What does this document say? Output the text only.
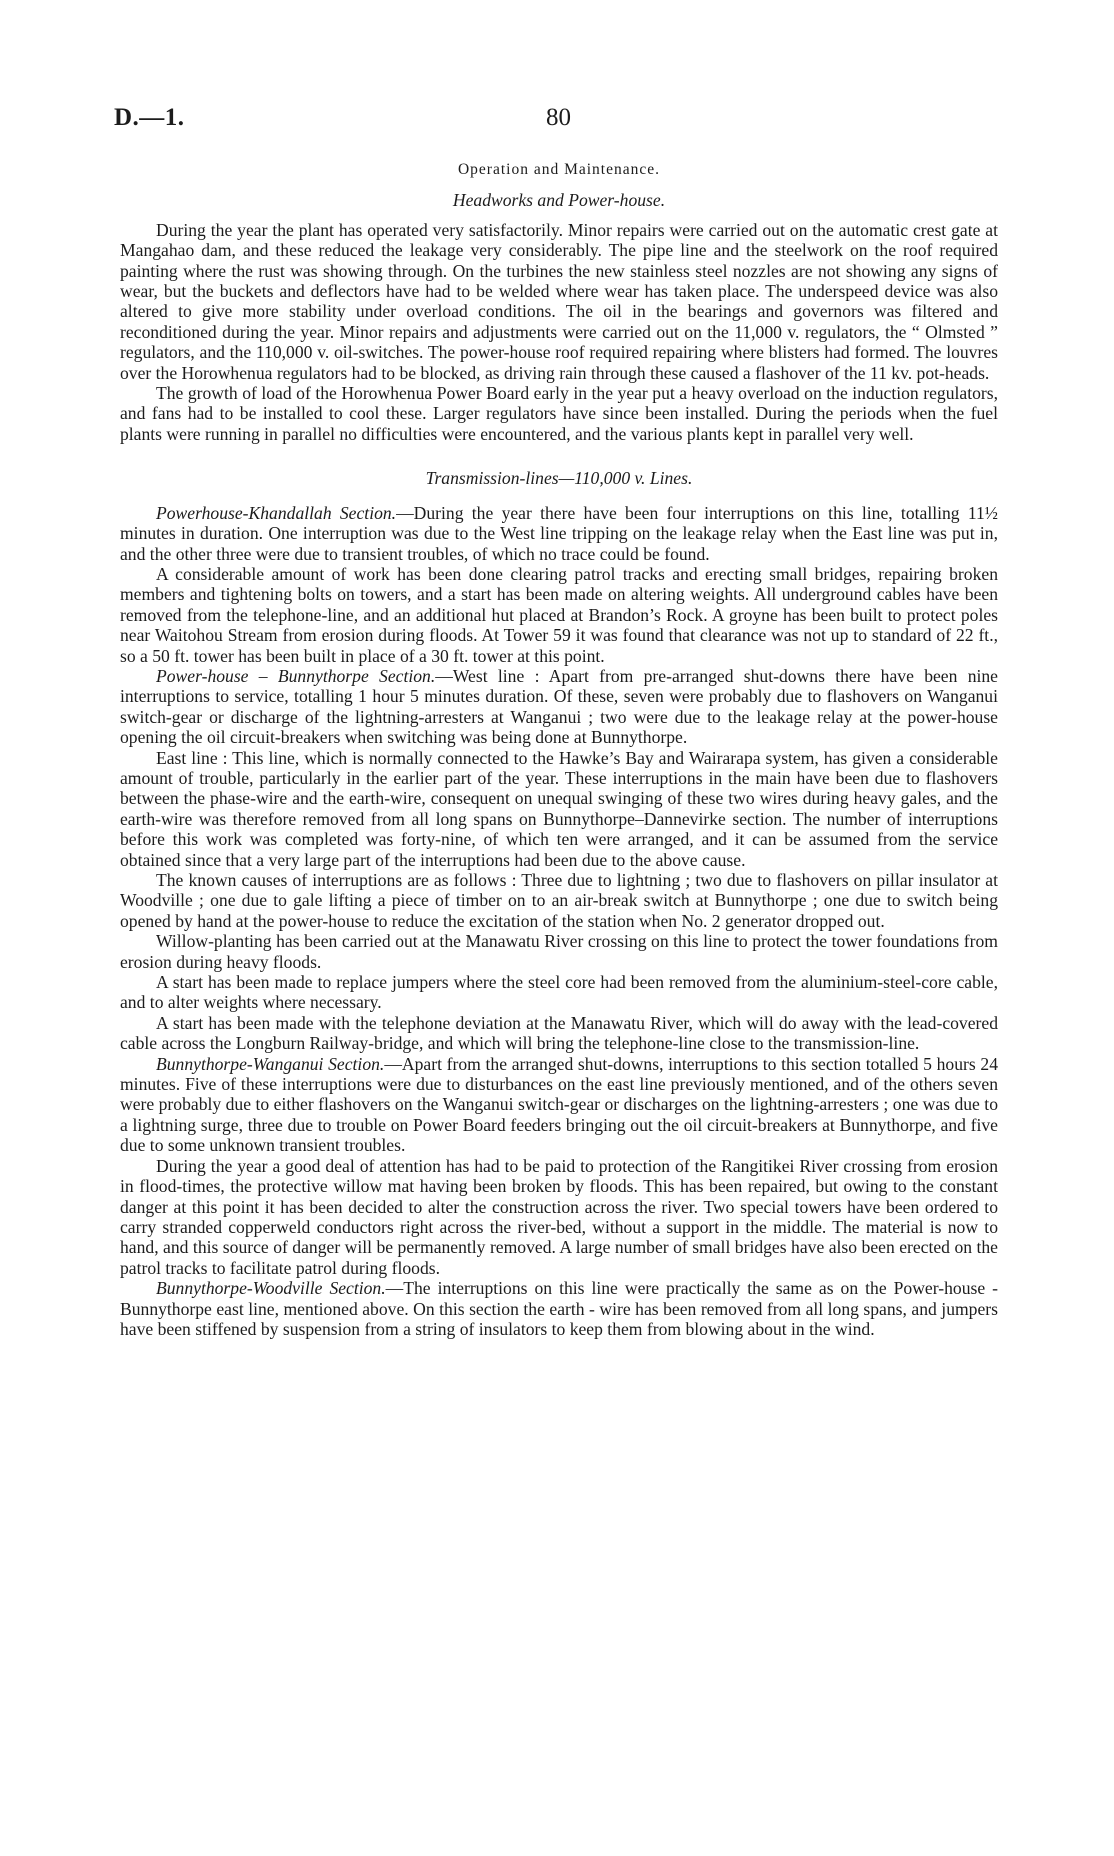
D.—1.	80
Operation and Maintenance.
Headworks and Power-house.

During the year the plant has operated very satisfactorily. Minor repairs were carried out on the automatic crest gate at Mangahao dam, and these reduced the leakage very considerably. The pipe line and the steelwork on the roof required painting where the rust was showing through. On the turbines the new stainless steel nozzles are not showing any signs of wear, but the buckets and deflectors have had to be welded where wear has taken place. The underspeed device was also altered to give more stability under overload conditions. The oil in the bearings and governors was filtered and reconditioned during the year. Minor repairs and adjustments were carried out on the 11,000 v. regulators, the “ Olmsted ” regulators, and the 110,000 v. oil-switches. The power-house roof required repairing where blisters had formed. The louvres over the Horowhenua regulators had to be blocked, as driving rain through these caused a flashover of the 11 kv. pot-heads.

The growth of load of the Horowhenua Power Board early in the year put a heavy overload on the induction regulators, and fans had to be installed to cool these. Larger regulators have since been installed. During the periods when the fuel plants were running in parallel no difficulties were encountered, and the various plants kept in parallel very well.

Transmission-lines—110,000 v. Lines.

Powerhouse-Khandallah Section.—During the year there have been four interruptions on this line, totalling 11½ minutes in duration. One interruption was due to the West line tripping on the leakage relay when the East line was put in, and the other three were due to transient troubles, of which no trace could be found.

A considerable amount of work has been done clearing patrol tracks and erecting small bridges, repairing broken members and tightening bolts on towers, and a start has been made on altering weights. All underground cables have been removed from the telephone-line, and an additional hut placed at Brandon’s Rock. A groyne has been built to protect poles near Waitohou Stream from erosion during floods. At Tower 59 it was found that clearance was not up to standard of 22 ft., so a 50 ft. tower has been built in place of a 30 ft. tower at this point.

Power-house – Bunnythorpe Section.—West line : Apart from pre-arranged shut-downs there have been nine interruptions to service, totalling 1 hour 5 minutes duration. Of these, seven were probably due to flashovers on Wanganui switch-gear or discharge of the lightning-arresters at Wanganui ; two were due to the leakage relay at the power-house opening the oil circuit-breakers when switching was being done at Bunnythorpe.

East line : This line, which is normally connected to the Hawke’s Bay and Wairarapa system, has given a considerable amount of trouble, particularly in the earlier part of the year. These interruptions in the main have been due to flashovers between the phase-wire and the earth-wire, consequent on unequal swinging of these two wires during heavy gales, and the earth-wire was therefore removed from all long spans on Bunnythorpe–Dannevirke section. The number of interruptions before this work was completed was forty-nine, of which ten were arranged, and it can be assumed from the service obtained since that a very large part of the interruptions had been due to the above cause.

The known causes of interruptions are as follows : Three due to lightning ; two due to flashovers on pillar insulator at Woodville ; one due to gale lifting a piece of timber on to an air-break switch at Bunnythorpe ; one due to switch being opened by hand at the power-house to reduce the excitation of the station when No. 2 generator dropped out.

Willow-planting has been carried out at the Manawatu River crossing on this line to protect the tower foundations from erosion during heavy floods.

A start has been made to replace jumpers where the steel core had been removed from the aluminium-steel-core cable, and to alter weights where necessary.

A start has been made with the telephone deviation at the Manawatu River, which will do away with the lead-covered cable across the Longburn Railway-bridge, and which will bring the telephone-line close to the transmission-line.

Bunnythorpe-Wanganui Section.—Apart from the arranged shut-downs, interruptions to this section totalled 5 hours 24 minutes. Five of these interruptions were due to disturbances on the east line previously mentioned, and of the others seven were probably due to either flashovers on the Wanganui switch-gear or discharges on the lightning-arresters ; one was due to a lightning surge, three due to trouble on Power Board feeders bringing out the oil circuit-breakers at Bunnythorpe, and five due to some unknown transient troubles.

During the year a good deal of attention has had to be paid to protection of the Rangitikei River crossing from erosion in flood-times, the protective willow mat having been broken by floods. This has been repaired, but owing to the constant danger at this point it has been decided to alter the construction across the river. Two special towers have been ordered to carry stranded copperweld conductors right across the river-bed, without a support in the middle. The material is now to hand, and this source of danger will be permanently removed. A large number of small bridges have also been erected on the patrol tracks to facilitate patrol during floods.

Bunnythorpe-Woodville Section.—The interruptions on this line were practically the same as on the Power-house - Bunnythorpe east line, mentioned above. On this section the earth - wire has been removed from all long spans, and jumpers have been stiffened by suspension from a string of insulators to keep them from blowing about in the wind.
